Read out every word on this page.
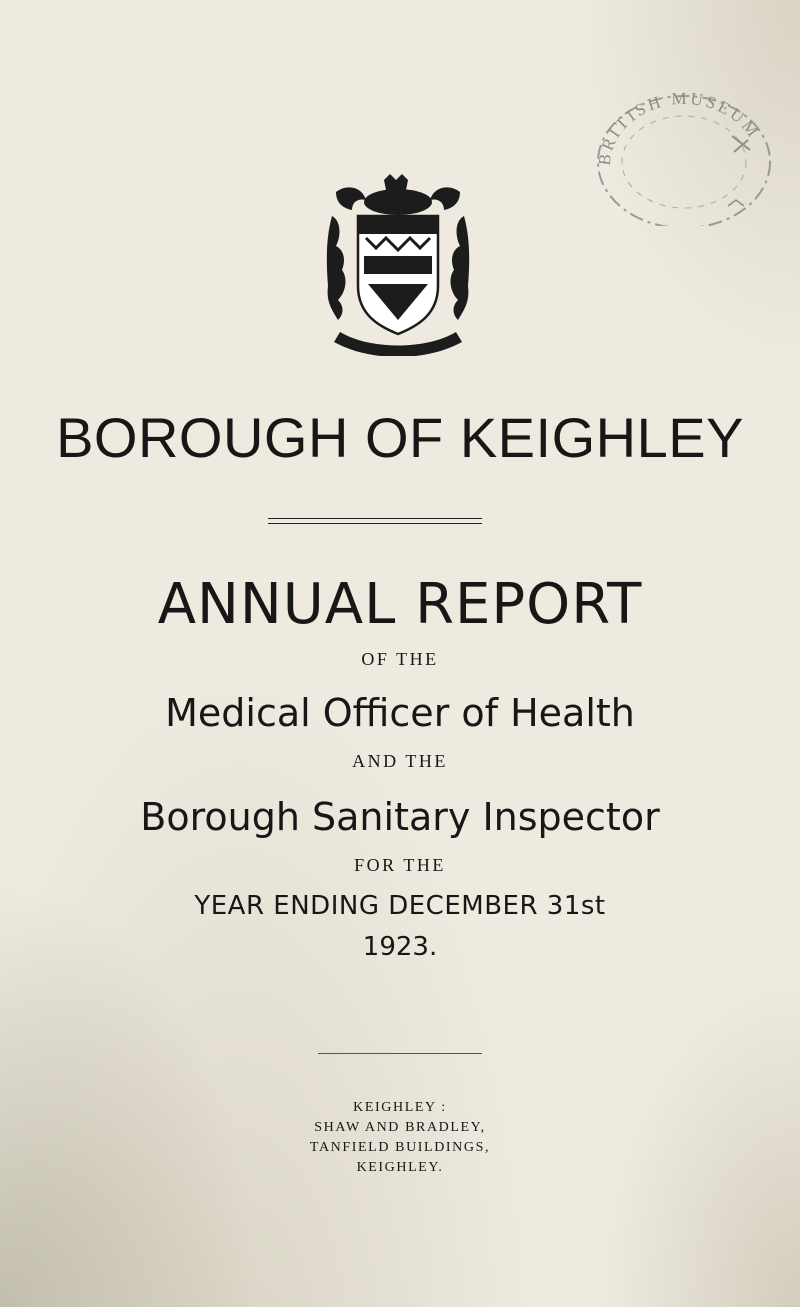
BRITISH MUSEUM
BOROUGH OF KEIGHLEY
ANNUAL REPORT
OF THE
Medical Officer of Health
AND THE
Borough Sanitary Inspector
FOR THE
YEAR ENDING DECEMBER 31st
1923.
KEIGHLEY :
SHAW AND BRADLEY,
TANFIELD BUILDINGS,
KEIGHLEY.
